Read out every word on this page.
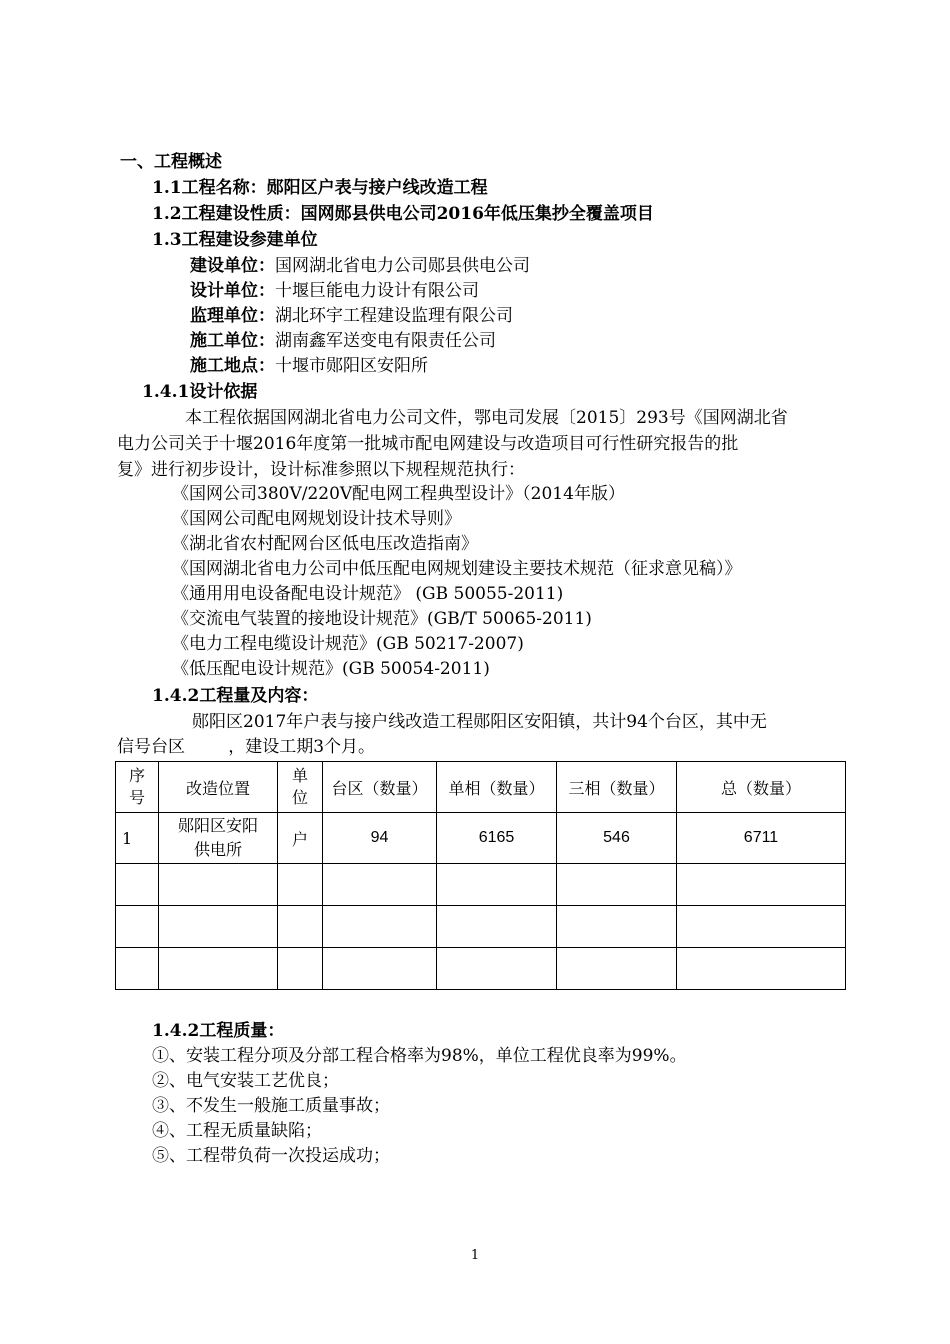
一、工程概述
1.1工程名称：郧阳区户表与接户线改造工程
1.2工程建设性质：国网郧县供电公司2016年低压集抄全覆盖项目
1.3工程建设参建单位
建设单位：国网湖北省电力公司郧县供电公司
设计单位：十堰巨能电力设计有限公司
监理单位：湖北环宇工程建设监理有限公司
施工单位：湖南鑫军送变电有限责任公司
施工地点：十堰市郧阳区安阳所
1.4.1设计依据
本工程依据国网湖北省电力公司文件，鄂电司发展〔2015〕293号《国网湖北省
电力公司关于十堰2016年度第一批城市配电网建设与改造项目可行性研究报告的批
复》进行初步设计，设计标准参照以下规程规范执行：
《国网公司380V/220V配电网工程典型设计》（2014年版）
《国网公司配电网规划设计技术导则》
《湖北省农村配网台区低电压改造指南》
《国网湖北省电力公司中低压配电网规划建设主要技术规范（征求意见稿）》
《通用用电设备配电设计规范》 (GB 50055-2011)
《交流电气装置的接地设计规范》(GB/T 50065-2011)
《电力工程电缆设计规范》(GB 50217-2007)
《低压配电设计规范》(GB 50054-2011)
1.4.2工程量及内容：
郧阳区2017年户表与接户线改造工程郧阳区安阳镇，共计94个台区，其中无
信号台区        ，建设工期3个月。
序号	改造位置	单位	台区（数量）	单相（数量）	三相（数量）	总（数量）
1	郧阳区安阳供电所	户	94	6165	546	6711

1.4.2工程质量：
①、安装工程分项及分部工程合格率为98%，单位工程优良率为99%。
②、电气安装工艺优良；
③、不发生一般施工质量事故；
④、工程无质量缺陷；
⑤、工程带负荷一次投运成功；
1
